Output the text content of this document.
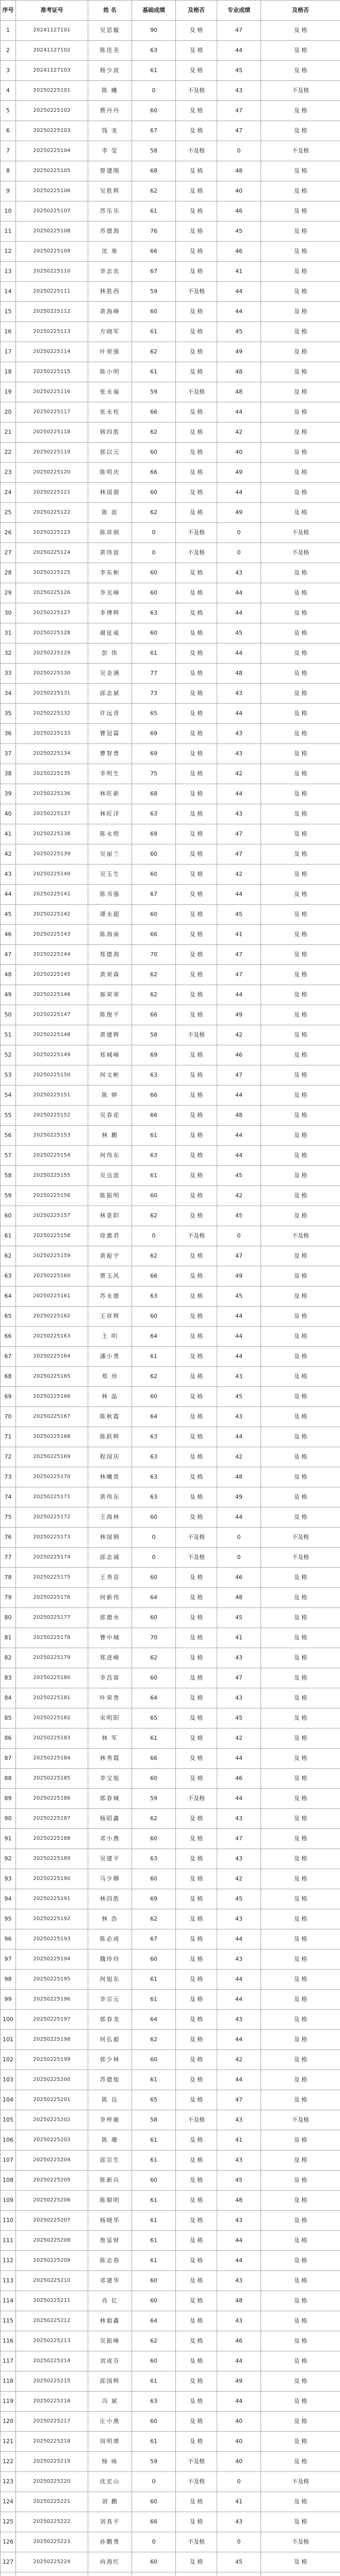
序号	准考证号	姓 名	基础成绩	及格否	专业成绩	及格否
1	20241127101	吴思璇	90	及 格	47	及 格
2	20241127102	陈佳美	63	及 格	44	及 格
3	20241127103	杨少波	61	及 格	45	及 格
4	20250225101	陈 曦	0	不及格	43	不及格
5	20250225102	蔡丹丹	60	及 格	47	及 格
6	20250225103	钱 龙	67	及 格	47	及 格
7	20250225104	李 莹	58	不及格	0	不及格
8	20250225105	曾建刚	68	及 格	48	及 格
9	20250225106	吴胜辉	62	及 格	40	及 格
10	20250225107	苏乐乐	61	及 格	46	及 格
11	20250225108	苏德海	76	及 格	45	及 格
12	20250225109	沈 秦	66	及 格	46	及 格
13	20250225110	李志农	67	及 格	41	及 格
14	20250225111	林胜西	59	不及格	44	及 格
15	20250225112	黄海峰	60	及 格	44	及 格
16	20250225113	方晓军	61	及 格	45	及 格
17	20250225114	叶荣强	62	及 格	49	及 格
18	20250225115	陈小明	61	及 格	48	及 格
19	20250225116	张永福	59	不及格	48	及 格
20	20250225117	张永柱	66	及 格	44	及 格
21	20250225118	韩四胜	62	及 格	42	及 格
22	20250225119	郭以元	60	及 格	40	及 格
23	20250225120	陈明庆	66	及 格	49	及 格
24	20250225121	林国源	60	及 格	44	及 格
25	20250225122	陈 波	62	及 格	49	及 格
26	20250225123	陈祥炳	0	不及格	0	不及格
27	20250225124	黄伟波	0	不及格	0	不及格
28	20250225125	李东彬	60	及 格	43	及 格
29	20250225126	李光峰	60	及 格	44	及 格
30	20250225127	李博辉	63	及 格	44	及 格
31	20250225128	谢征威	60	及 格	45	及 格
32	20250225129	彭 伟	61	及 格	44	及 格
33	20250225130	吴金满	77	及 格	48	及 格
34	20250225131	邱志斌	73	及 格	43	及 格
35	20250225132	许远青	65	及 格	44	及 格
36	20250225133	曹冠霖	69	及 格	43	及 格
37	20250225134	曹智勇	69	及 格	43	及 格
38	20250225135	李明生	75	及 格	42	及 格
39	20250225136	林旺新	68	及 格	44	及 格
40	20250225137	林旺洋	63	及 格	43	及 格
41	20250225138	陈永煌	69	及 格	47	及 格
42	20250225139	吴丽兰	60	及 格	47	及 格
43	20250225140	吴玉生	60	及 格	42	及 格
44	20250225141	陈书强	67	及 格	44	及 格
45	20250225142	谭永超	60	及 格	45	及 格
46	20250225143	陈海南	66	及 格	41	及 格
47	20250225144	郑德海	70	及 格	47	及 格
48	20250225145	黄荣森	62	及 格	47	及 格
49	20250225146	郝荣荣	62	及 格	44	及 格
50	20250225147	陈俊平	66	及 格	49	及 格
51	20250225148	黄建辉	58	不及格	42	及 格
52	20250225149	郑城峰	69	及 格	46	及 格
53	20250225150	何文彬	63	及 格	47	及 格
54	20250225151	陈 婷	66	及 格	44	及 格
55	20250225152	吴春花	66	及 格	48	及 格
56	20250225153	林 鹏	61	及 格	44	及 格
57	20250225154	何伟东	63	及 格	44	及 格
58	20250225155	吴良波	61	及 格	45	及 格
59	20250225156	陈振明	60	及 格	42	及 格
60	20250225157	林景阳	62	及 格	45	及 格
61	20250225158	徐惠君	0	不及格	0	不及格
62	20250225159	黄振宇	62	及 格	47	及 格
63	20250225160	蔡玉风	66	及 格	49	及 格
64	20250225161	苏永德	63	及 格	45	及 格
65	20250225162	王祥辉	60	及 格	44	及 格
66	20250225163	王 明	64	及 格	44	及 格
67	20250225164	潘小勇	61	及 格	44	及 格
68	20250225165	郑 珍	62	及 格	43	及 格
69	20250225166	林 晶	60	及 格	45	及 格
70	20250225167	陈秋霞	64	及 格	43	及 格
71	20250225168	陈跃辉	63	及 格	44	及 格
72	20250225169	程国庆	63	及 格	42	及 格
73	20250225170	林曦贵	63	及 格	48	及 格
74	20250225171	黄伟东	63	及 格	49	及 格
75	20250225172	王海林	60	及 格	44	及 格
76	20250225173	林国钢	0	不及格	0	不及格
77	20250225174	邱志诚	0	不及格	0	不及格
78	20250225175	王秀苗	60	及 格	46	及 格
79	20250225176	何新伟	64	及 格	48	及 格
80	20250225177	郭德水	60	及 格	45	及 格
81	20250225178	曹中城	70	及 格	41	及 格
82	20250225179	郑进峰	62	及 格	43	及 格
83	20250225180	李昌富	60	及 格	47	及 格
84	20250225181	叶荣勇	64	及 格	43	及 格
85	20250225182	宋明阳	65	及 格	45	及 格
86	20250225183	林 军	61	及 格	42	及 格
87	20250225184	林秀霞	66	及 格	44	及 格
88	20250225185	李宝旭	60	及 格	46	及 格
89	20250225186	郭春城	59	不及格	44	及 格
90	20250225187	杨昭鑫	62	及 格	43	及 格
91	20250225188	邓小燕	60	及 格	47	及 格
92	20250225189	吴建平	63	及 格	43	及 格
93	20250225190	马少卿	60	及 格	42	及 格
94	20250225191	林四胜	69	及 格	45	及 格
95	20250225192	林 浩	62	及 格	43	及 格
96	20250225193	陈必成	67	及 格	44	及 格
97	20250225194	魏玲玲	60	及 格	43	及 格
98	20250225195	何旭东	61	及 格	44	及 格
99	20250225196	李宗元	61	及 格	44	及 格
100	20250225197	郭春龙	64	及 格	43	及 格
101	20250225198	何弘毅	62	及 格	44	及 格
102	20250225199	郭少林	60	及 格	42	及 格
103	20250225200	苏德旭	61	及 格	44	及 格
104	20250225201	陈 良	65	及 格	47	及 格
105	20250225202	李梓敏	58	不及格	43	不及格
106	20250225203	陈 珊	61	及 格	41	及 格
107	20250225204	邱宗生	61	及 格	43	及 格
108	20250225205	陈新兵	60	及 格	45	及 格
109	20250225206	陈顺明	61	及 格	48	及 格
110	20250225207	杨晓华	61	及 格	43	及 格
111	20250225208	詹显财	61	及 格	44	及 格
112	20250225209	陈志春	61	及 格	44	及 格
113	20250225210	邓建华	60	及 格	43	及 格
114	20250225211	肖 亿	60	及 格	48	及 格
115	20250225212	林毅鑫	64	及 格	43	及 格
116	20250225213	吴振峰	62	及 格	46	及 格
117	20250225214	刘成芬	60	及 格	44	及 格
118	20250225215	邱国辉	61	及 格	49	及 格
119	20250225216	冯 斌	63	及 格	44	及 格
120	20250225217	庄小燕	60	及 格	40	及 格
121	20250225218	周明增	61	及 格	40	及 格
122	20250225219	杨 咏	59	不及格	40	及 格
123	20250225220	沈宏山	0	不及格	0	不及格
124	20250225221	刘 鹏	60	及 格	41	及 格
125	20250225222	刘真平	66	及 格	43	及 格
126	20250225223	孙鹏勇	0	不及格	0	不及格
127	20250225224	冉海红	60	及 格	45	及 格
